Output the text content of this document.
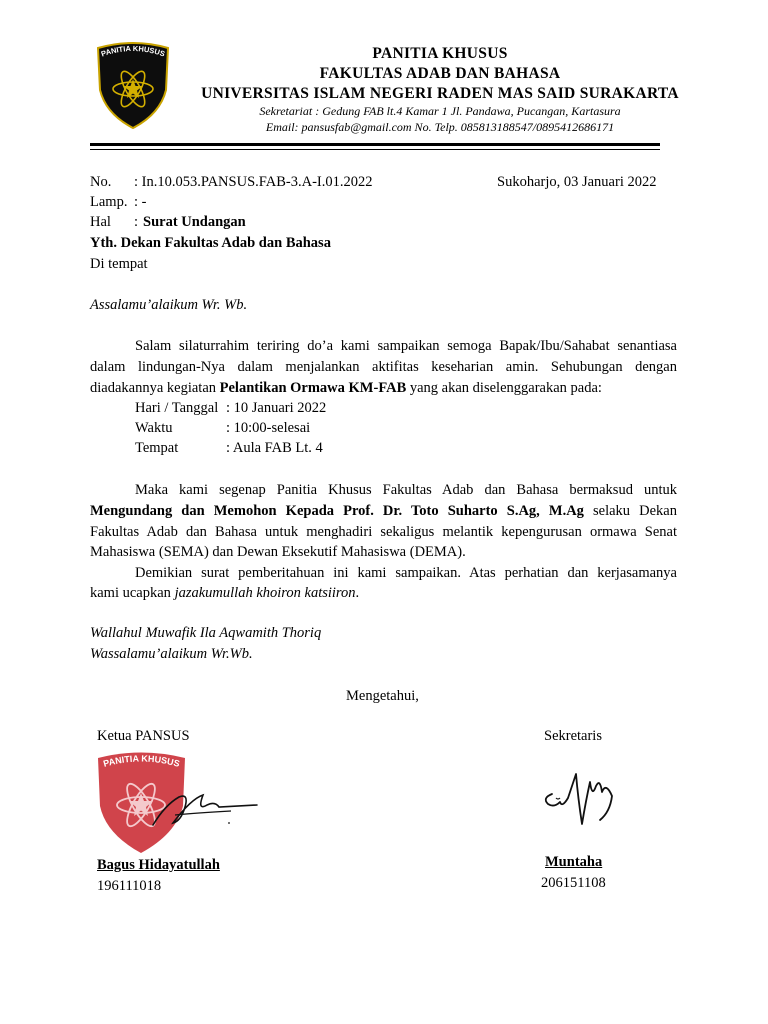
PANITIA KHUSUS	PANITIA KHUSUS
FAKULTAS ADAB DAN BAHASA
UNIVERSITAS ISLAM NEGERI RADEN MAS SAID SURAKARTA
Sekretariat : Gedung FAB lt.4 Kamar 1 Jl. Pandawa, Pucangan, Kartasura
Email: pansusfab@gmail.com No. Telp. 085813188547/0895412686171
No. : In.10.053.PANSUS.FAB-3.A-I.01.2022	Sukoharjo, 03 Januari 2022
Lamp. : -
Hal : Surat Undangan
Yth. Dekan Fakultas Adab dan Bahasa
Di tempat
Assalamu’alaikum Wr. Wb.
Salam silaturrahim teriring do’a kami sampaikan semoga Bapak/Ibu/Sahabat senantiasa
dalam lindungan-Nya dalam menjalankan aktifitas keseharian amin. Sehubungan dengan
diadakannya kegiatan Pelantikan Ormawa KM-FAB yang akan diselenggarakan pada:
Hari / Tanggal : 10 Januari 2022
Waktu	: 10:00-selesai
Tempat	: Aula FAB Lt. 4
Maka kami segenap Panitia Khusus Fakultas Adab dan Bahasa bermaksud untuk
Mengundang dan Memohon Kepada Prof. Dr. Toto Suharto S.Ag, M.Ag selaku Dekan
Fakultas Adab dan Bahasa untuk menghadiri sekaligus melantik kepengurusan ormawa Senat
Mahasiswa (SEMA) dan Dewan Eksekutif Mahasiswa (DEMA).
Demikian surat pemberitahuan ini kami sampaikan. Atas perhatian dan kerjasamanya
kami ucapkan jazakumullah khoiron katsiiron.
Wallahul Muwafik Ila Aqwamith Thoriq
Wassalamu’alaikum Wr.Wb.
Mengetahui,
Ketua PANSUS	Sekretaris
PANITIA KHUSUS
Bagus Hidayatullah
196111018
Muntaha
206151108
